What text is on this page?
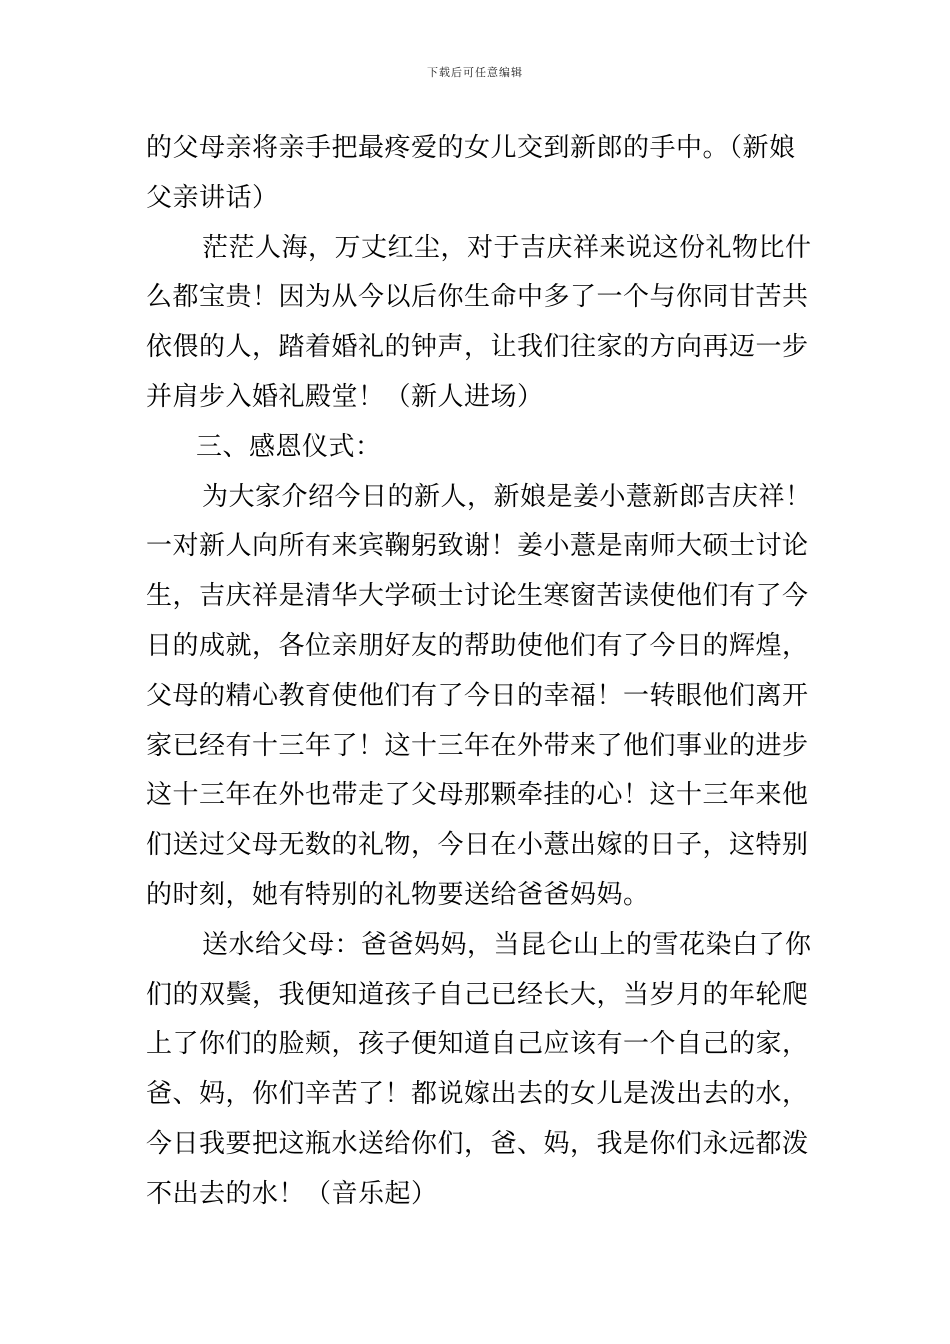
下载后可任意编辑
的父母亲将亲手把最疼爱的女儿交到新郎的手中。（新娘
父亲讲话）
茫茫人海，万丈红尘，对于吉庆祥来说这份礼物比什
么都宝贵！因为从今以后你生命中多了一个与你同甘苦共
依偎的人，踏着婚礼的钟声，让我们往家的方向再迈一步
并肩步入婚礼殿堂！（新人进场）
三、感恩仪式：
为大家介绍今日的新人，新娘是姜小薏新郎吉庆祥！
一对新人向所有来宾鞠躬致谢！姜小薏是南师大硕士讨论
生，吉庆祥是清华大学硕士讨论生寒窗苦读使他们有了今
日的成就，各位亲朋好友的帮助使他们有了今日的辉煌，
父母的精心教育使他们有了今日的幸福！一转眼他们离开
家已经有十三年了！这十三年在外带来了他们事业的进步
这十三年在外也带走了父母那颗牵挂的心！这十三年来他
们送过父母无数的礼物，今日在小薏出嫁的日子，这特别
的时刻，她有特别的礼物要送给爸爸妈妈。
送水给父母：爸爸妈妈，当昆仑山上的雪花染白了你
们的双鬓，我便知道孩子自己已经长大，当岁月的年轮爬
上了你们的脸颊，孩子便知道自己应该有一个自己的家，
爸、妈，你们辛苦了！都说嫁出去的女儿是泼出去的水，
今日我要把这瓶水送给你们，爸、妈，我是你们永远都泼
不出去的水！（音乐起）
